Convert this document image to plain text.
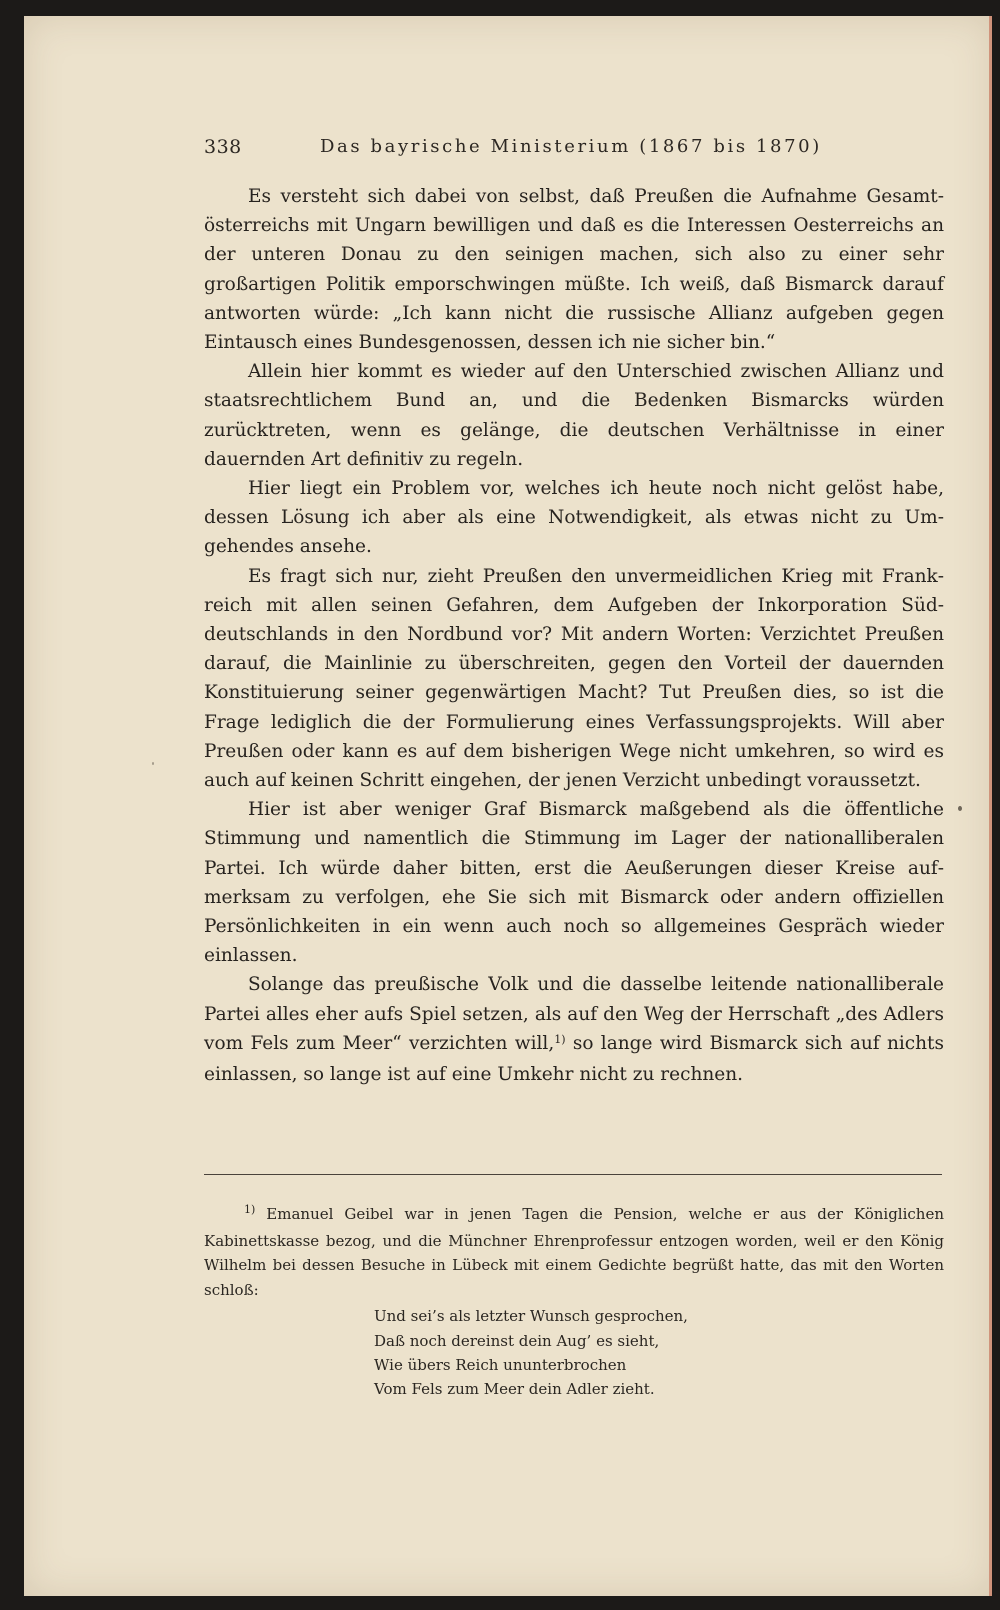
338	Das bayrische Ministerium (1867 bis 1870)

Es versteht sich dabei von selbst, daß Preußen die Aufnahme Gesamtösterreichs mit Ungarn bewilligen und daß es die Interessen Oesterreichs an der unteren Donau zu den seinigen machen, sich also zu einer sehr großartigen Politik emporschwingen müßte. Ich weiß, daß Bismarck darauf antworten würde: „Ich kann nicht die russische Allianz aufgeben gegen Eintausch eines Bundesgenossen, dessen ich nie sicher bin.“

Allein hier kommt es wieder auf den Unterschied zwischen Allianz und staatsrechtlichem Bund an, und die Bedenken Bismarcks würden zurücktreten, wenn es gelänge, die deutschen Verhältnisse in einer dauernden Art definitiv zu regeln.

Hier liegt ein Problem vor, welches ich heute noch nicht gelöst habe, dessen Lösung ich aber als eine Notwendigkeit, als etwas nicht zu Umgehendes ansehe.

Es fragt sich nur, zieht Preußen den unvermeidlichen Krieg mit Frankreich mit allen seinen Gefahren, dem Aufgeben der Inkorporation Süddeutschlands in den Nordbund vor? Mit andern Worten: Verzichtet Preußen darauf, die Mainlinie zu überschreiten, gegen den Vorteil der dauernden Konstituierung seiner gegenwärtigen Macht? Tut Preußen dies, so ist die Frage lediglich die der Formulierung eines Verfassungsprojekts. Will aber Preußen oder kann es auf dem bisherigen Wege nicht umkehren, so wird es auch auf keinen Schritt eingehen, der jenen Verzicht unbedingt voraussetzt.

Hier ist aber weniger Graf Bismarck maßgebend als die öffentliche Stimmung und namentlich die Stimmung im Lager der nationalliberalen Partei. Ich würde daher bitten, erst die Aeußerungen dieser Kreise aufmerksam zu verfolgen, ehe Sie sich mit Bismarck oder andern offiziellen Persönlichkeiten in ein wenn auch noch so allgemeines Gespräch wieder einlassen.

Solange das preußische Volk und die dasselbe leitende nationalliberale Partei alles eher aufs Spiel setzen, als auf den Weg der Herrschaft „des Adlers vom Fels zum Meer“ verzichten will,$^{1)}$ so lange wird Bismarck sich auf nichts einlassen, so lange ist auf eine Umkehr nicht zu rechnen.

$^{1)}$ Emanuel Geibel war in jenen Tagen die Pension, welche er aus der Königlichen Kabinettskasse bezog, und die Münchner Ehrenprofessur entzogen worden, weil er den König Wilhelm bei dessen Besuche in Lübeck mit einem Gedichte begrüßt hatte, das mit den Worten schloß:

Und sei’s als letzter Wunsch gesprochen,
Daß noch dereinst dein Aug’ es sieht,
Wie übers Reich ununterbrochen
Vom Fels zum Meer dein Adler zieht.
